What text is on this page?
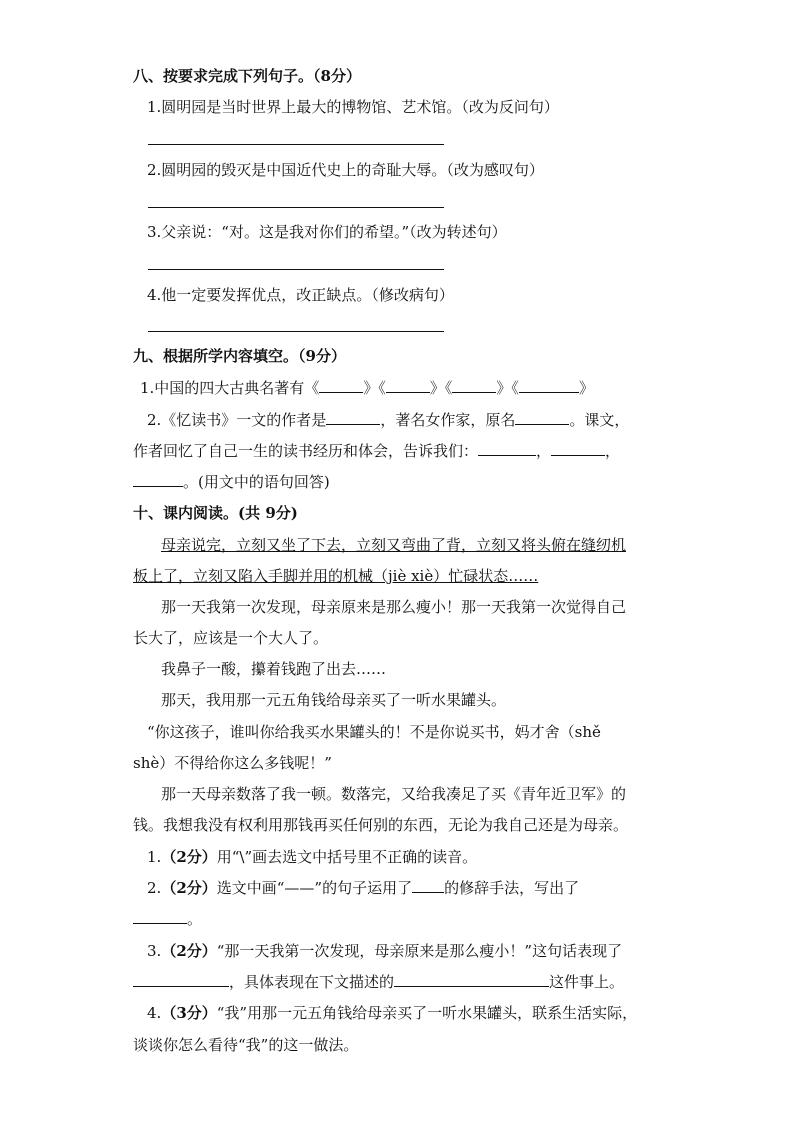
八、按要求完成下列句子。（8分）
1.圆明园是当时世界上最大的博物馆、艺术馆。（改为反问句）
2.圆明园的毁灭是中国近代史上的奇耻大辱。（改为感叹句）
3.父亲说：“对。这是我对你们的希望。”（改为转述句）
4.他一定要发挥优点，改正缺点。（修改病句）
九、根据所学内容填空。（9分）
1.中国的四大古典名著有《	》《	》《	》《	》
2.《忆读书》一文的作者是	，著名女作家，原名	。课文，
作者回忆了自己一生的读书经历和体会，告诉我们：	，	，
。(用文中的语句回答)
十、课内阅读。(共 9分)
母亲说完，立刻又坐了下去，立刻又弯曲了背，立刻又将头俯在缝纫机
板上了，立刻又陷入手脚并用的机械（jiè xiè）忙碌状态……
那一天我第一次发现，母亲原来是那么瘦小！那一天我第一次觉得自己
长大了，应该是一个大人了。
我鼻子一酸，攥着钱跑了出去……
那天，我用那一元五角钱给母亲买了一听水果罐头。
“你这孩子，谁叫你给我买水果罐头的！不是你说买书，妈才舍（shě
shè）不得给你这么多钱呢！”
那一天母亲数落了我一顿。数落完，又给我凑足了买《青年近卫军》的
钱。我想我没有权利用那钱再买任何别的东西，无论为我自己还是为母亲。
1.（2分）用“\”画去选文中括号里不正确的读音。
2.（2分）选文中画“——”的句子运用了 的修辞手法，写出了
。
3.（2分）“那一天我第一次发现，母亲原来是那么瘦小！”这句话表现了
，具体表现在下文描述的	这件事上。
4.（3分）“我”用那一元五角钱给母亲买了一听水果罐头，联系生活实际，
谈谈你怎么看待“我”的这一做法。
